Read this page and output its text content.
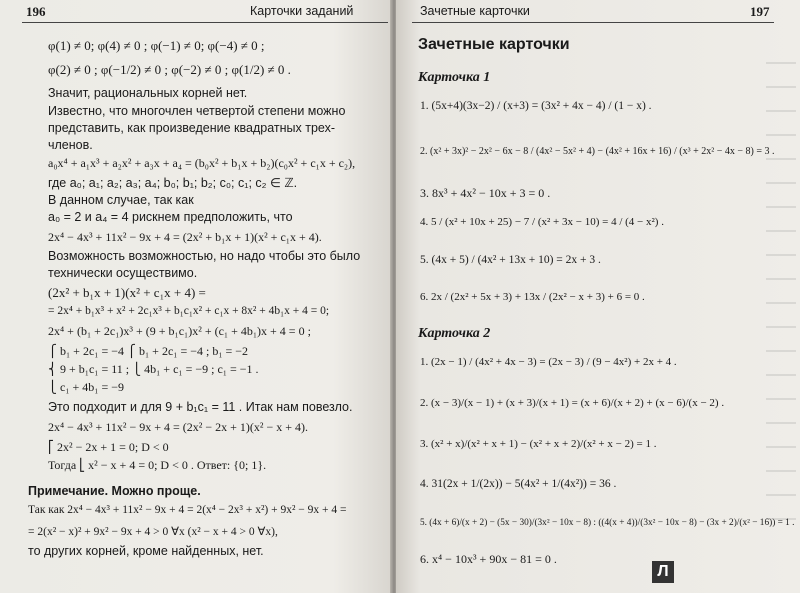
196	Карточки заданий
φ(1) ≠ 0; φ(4) ≠ 0 ; φ(−1) ≠ 0; φ(−4) ≠ 0 ;
φ(2) ≠ 0 ; φ(−1/2) ≠ 0 ; φ(−2) ≠ 0 ; φ(1/2) ≠ 0 .
Значит, рациональных корней нет.
Известно, что многочлен четвертой степени можно
представить, как произведение квадратных трех-
членов.
a₀x⁴ + a₁x³ + a₂x² + a₃x + a₄ = (b₀x² + b₁x + b₂)(c₀x² + c₁x + c₂),
где a₀; a₁; a₂; a₃; a₄; b₀; b₁; b₂; c₀; c₁; c₂ ∈ ℤ.
В данном случае, так как
a₀ = 2 и a₄ = 4 рискнем предположить, что
2x⁴ − 4x³ + 11x² − 9x + 4 = (2x² + b₁x + 1)(x² + c₁x + 4).
Возможность возможностью, но надо чтобы это было
технически осуществимо.
(2x² + b₁x + 1)(x² + c₁x + 4) =
= 2x⁴ + b₁x³ + x² + 2c₁x³ + b₁c₁x² + c₁x + 8x² + 4b₁x + 4 = 0;
2x⁴ + (b₁ + 2c₁)x³ + (9 + b₁c₁)x² + (c₁ + 4b₁)x + 4 = 0 ;
⎧ b₁ + 2c₁ = −4 ⎧ b₁ + 2c₁ = −4 ; b₁ = −2
⎨ 9 + b₁c₁ = 11 ; ⎩ 4b₁ + c₁ = −9 ; c₁ = −1 .
⎩ c₁ + 4b₁ = −9
Это подходит и для 9 + b₁c₁ = 11 . Итак нам повезло.
2x⁴ − 4x³ + 11x² − 9x + 4 = (2x² − 2x + 1)(x² − x + 4).
⎡ 2x² − 2x + 1 = 0; D < 0
Тогда ⎣ x² − x + 4 = 0; D < 0 . Ответ: {0; 1}.
Примечание. Можно проще.
Так как 2x⁴ − 4x³ + 11x² − 9x + 4 = 2(x⁴ − 2x³ + x²) + 9x² − 9x + 4 =
= 2(x² − x)² + 9x² − 9x + 4 > 0 ∀x (x² − x + 4 > 0 ∀x),
то других корней, кроме найденных, нет.
Зачетные карточки	197
Зачетные карточки
Карточка 1
1. (5x+4)(3x−2) / (x+3) = (3x² + 4x − 4) / (1 − x) .
2. (x² + 3x)² − 2x² − 6x − 8 / (4x² − 5x² + 4) − (4x² + 16x + 16) / (x³ + 2x² − 4x − 8) = 3 .
3. 8x³ + 4x² − 10x + 3 = 0 .
4. 5 / (x² + 10x + 25) − 7 / (x² + 3x − 10) = 4 / (4 − x²) .
5. (4x + 5) / (4x² + 13x + 10) = 2x + 3 .
6. 2x / (2x² + 5x + 3) + 13x / (2x² − x + 3) + 6 = 0 .
Карточка 2
1. (2x − 1) / (4x² + 4x − 3) = (2x − 3) / (9 − 4x²) + 2x + 4 .
2. (x − 3)/(x − 1) + (x + 3)/(x + 1) = (x + 6)/(x + 2) + (x − 6)/(x − 2) .
3. (x² + x)/(x² + x + 1) − (x² + x + 2)/(x² + x − 2) = 1 .
4. 31(2x + 1/(2x)) − 5(4x² + 1/(4x²)) = 36 .
5. (4x + 6)/(x + 2) − (5x − 30)/(3x² − 10x − 8) : ((4(x + 4))/(3x² − 10x − 8) − (3x + 2)/(x² − 16)) = 1 .
6. x⁴ − 10x³ + 90x − 81 = 0 .
Л
